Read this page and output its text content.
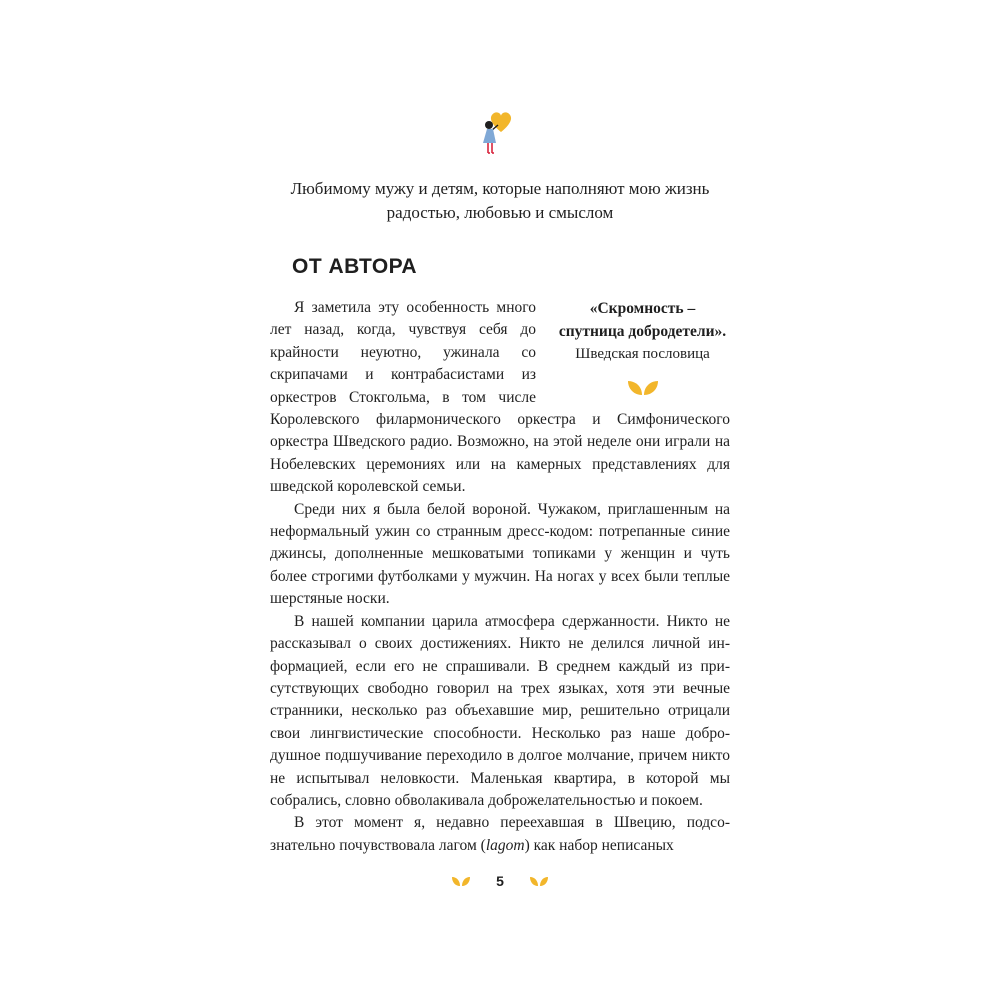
Любимому мужу и детям, которые наполняют мою жизнь

радостью, любовью и смыслом

ОТ АВТОРА

«Скромность –

спутница добродетели».

Шведская пословица

Я заметила эту особенность много лет назад, когда, чувствуя себя до крайности неуютно, ужинала со скрипачами и контрабасистами из оркестров Стокгольма, в том числе Королевского филармонического оркестра и Симфонического оркестра Шведского радио. Возможно, на этой неделе они играли на Нобелевских церемониях или на камерных представлениях для шведской королевской семьи.

Среди них я была белой вороной. Чужаком, приглашенным на неформальный ужин со странным дресс-кодом: потрепанные синие джинсы, дополненные мешковатыми топиками у женщин и чуть более строгими футболками у мужчин. На ногах у всех были теплые шерстяные носки.

В нашей компании царила атмосфера сдержанности. Никто не рассказывал о своих достижениях. Никто не делился личной информацией, если его не спрашивали. В среднем каждый из присутствующих свободно говорил на трех языках, хотя эти вечные странники, несколько раз объехавшие мир, решительно отрицали свои лингвистические способности. Несколько раз наше добродушное подшучивание переходило в долгое молчание, причем никто не испытывал неловкости. Маленькая квартира, в которой мы собрались, словно обволакивала доброжелательностью и покоем.

В этот момент я, недавно переехавшая в Швецию, подсознательно почувствовала лагом (lagom) как набор неписаных

5
